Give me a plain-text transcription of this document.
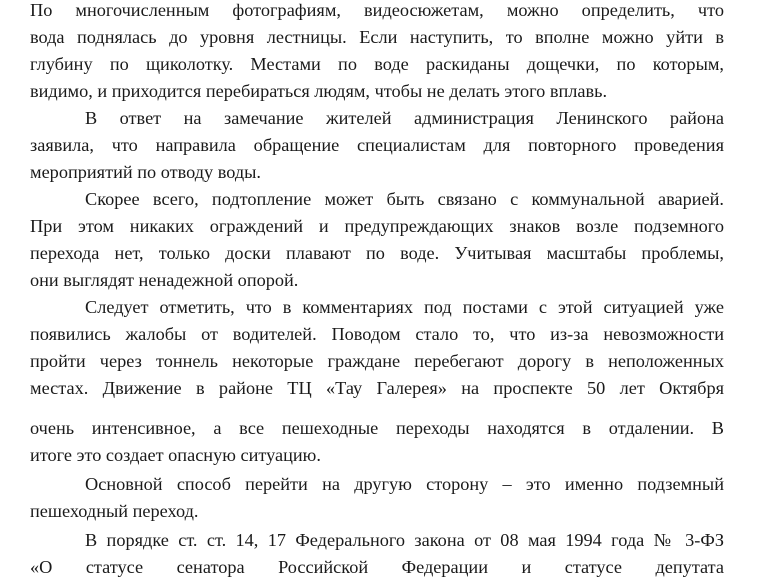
По многочисленным фотографиям, видеосюжетам, можно определить, что
вода поднялась до уровня лестницы. Если наступить, то вполне можно уйти в
глубину по щиколотку. Местами по воде раскиданы дощечки, по которым,
видимо, и приходится перебираться людям, чтобы не делать этого вплавь.
В ответ на замечание жителей администрация Ленинского района
заявила, что направила обращение специалистам для повторного проведения
мероприятий по отводу воды.
Скорее всего, подтопление может быть связано с коммунальной аварией.
При этом никаких ограждений и предупреждающих знаков возле подземного
перехода нет, только доски плавают по воде. Учитывая масштабы проблемы,
они выглядят ненадежной опорой.
Следует отметить, что в комментариях под постами с этой ситуацией уже
появились жалобы от водителей. Поводом стало то, что из-за невозможности
пройти через тоннель некоторые граждане перебегают дорогу в неположенных
местах. Движение в районе ТЦ «Тау Галерея» на проспекте 50 лет Октября
очень интенсивное, а все пешеходные переходы находятся в отдалении. В
итоге это создает опасную ситуацию.
Основной способ перейти на другую сторону – это именно подземный
пешеходный переход.
В порядке ст. ст. 14, 17 Федерального закона от 08 мая 1994 года № 3-ФЗ
«О статусе сенатора Российской Федерации и статусе депутата
